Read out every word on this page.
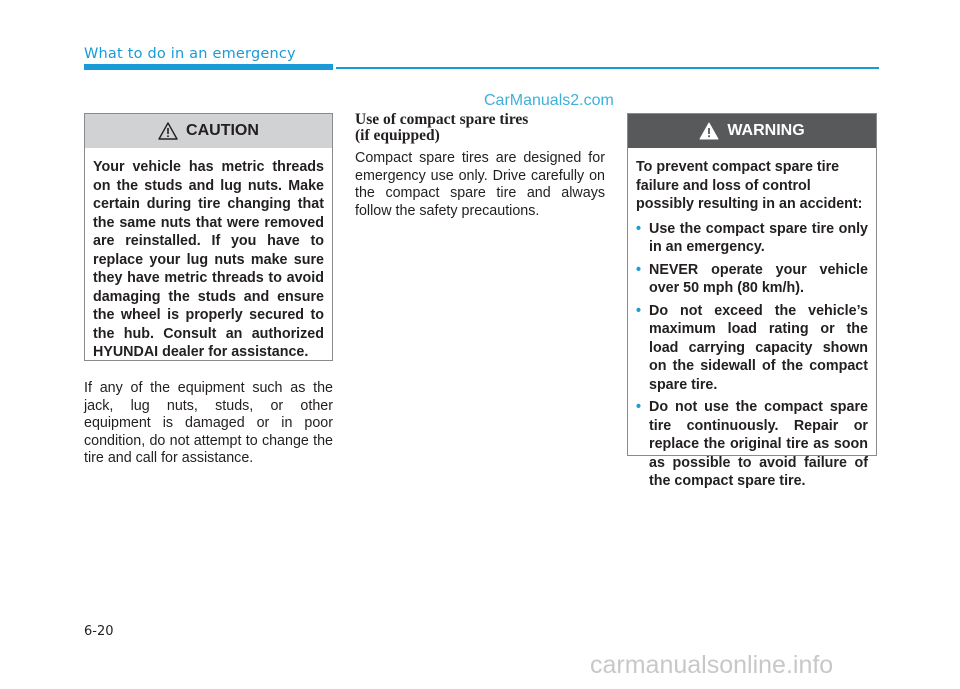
What to do in an emergency
CarManuals2.com
CAUTION
Your vehicle has metric threads on the studs and lug nuts. Make certain during tire changing that the same nuts that were removed are reinstalled. If you have to replace your lug nuts make sure they have metric threads to avoid damaging the studs and ensure the wheel is properly secured to the hub. Consult an authorized HYUNDAI dealer for assistance.
If any of the equipment such as the jack, lug nuts, studs, or other equipment is damaged or in poor condition, do not attempt to change the tire and call for assistance.
Use of compact spare tires
(if equipped)
Compact spare tires are designed for emergency use only. Drive carefully on the compact spare tire and always follow the safety precautions.
WARNING

To prevent compact spare tire failure and loss of control possibly resulting in an accident:

• Use the compact spare tire only in an emergency.
• NEVER operate your vehicle over 50 mph (80 km/h).
• Do not exceed the vehicle’s maximum load rating or the load carrying capacity shown on the sidewall of the compact spare tire.
• Do not use the compact spare tire continuously. Repair or replace the original tire as soon as possible to avoid failure of the compact spare tire.
6-20
carmanualsonline.info
